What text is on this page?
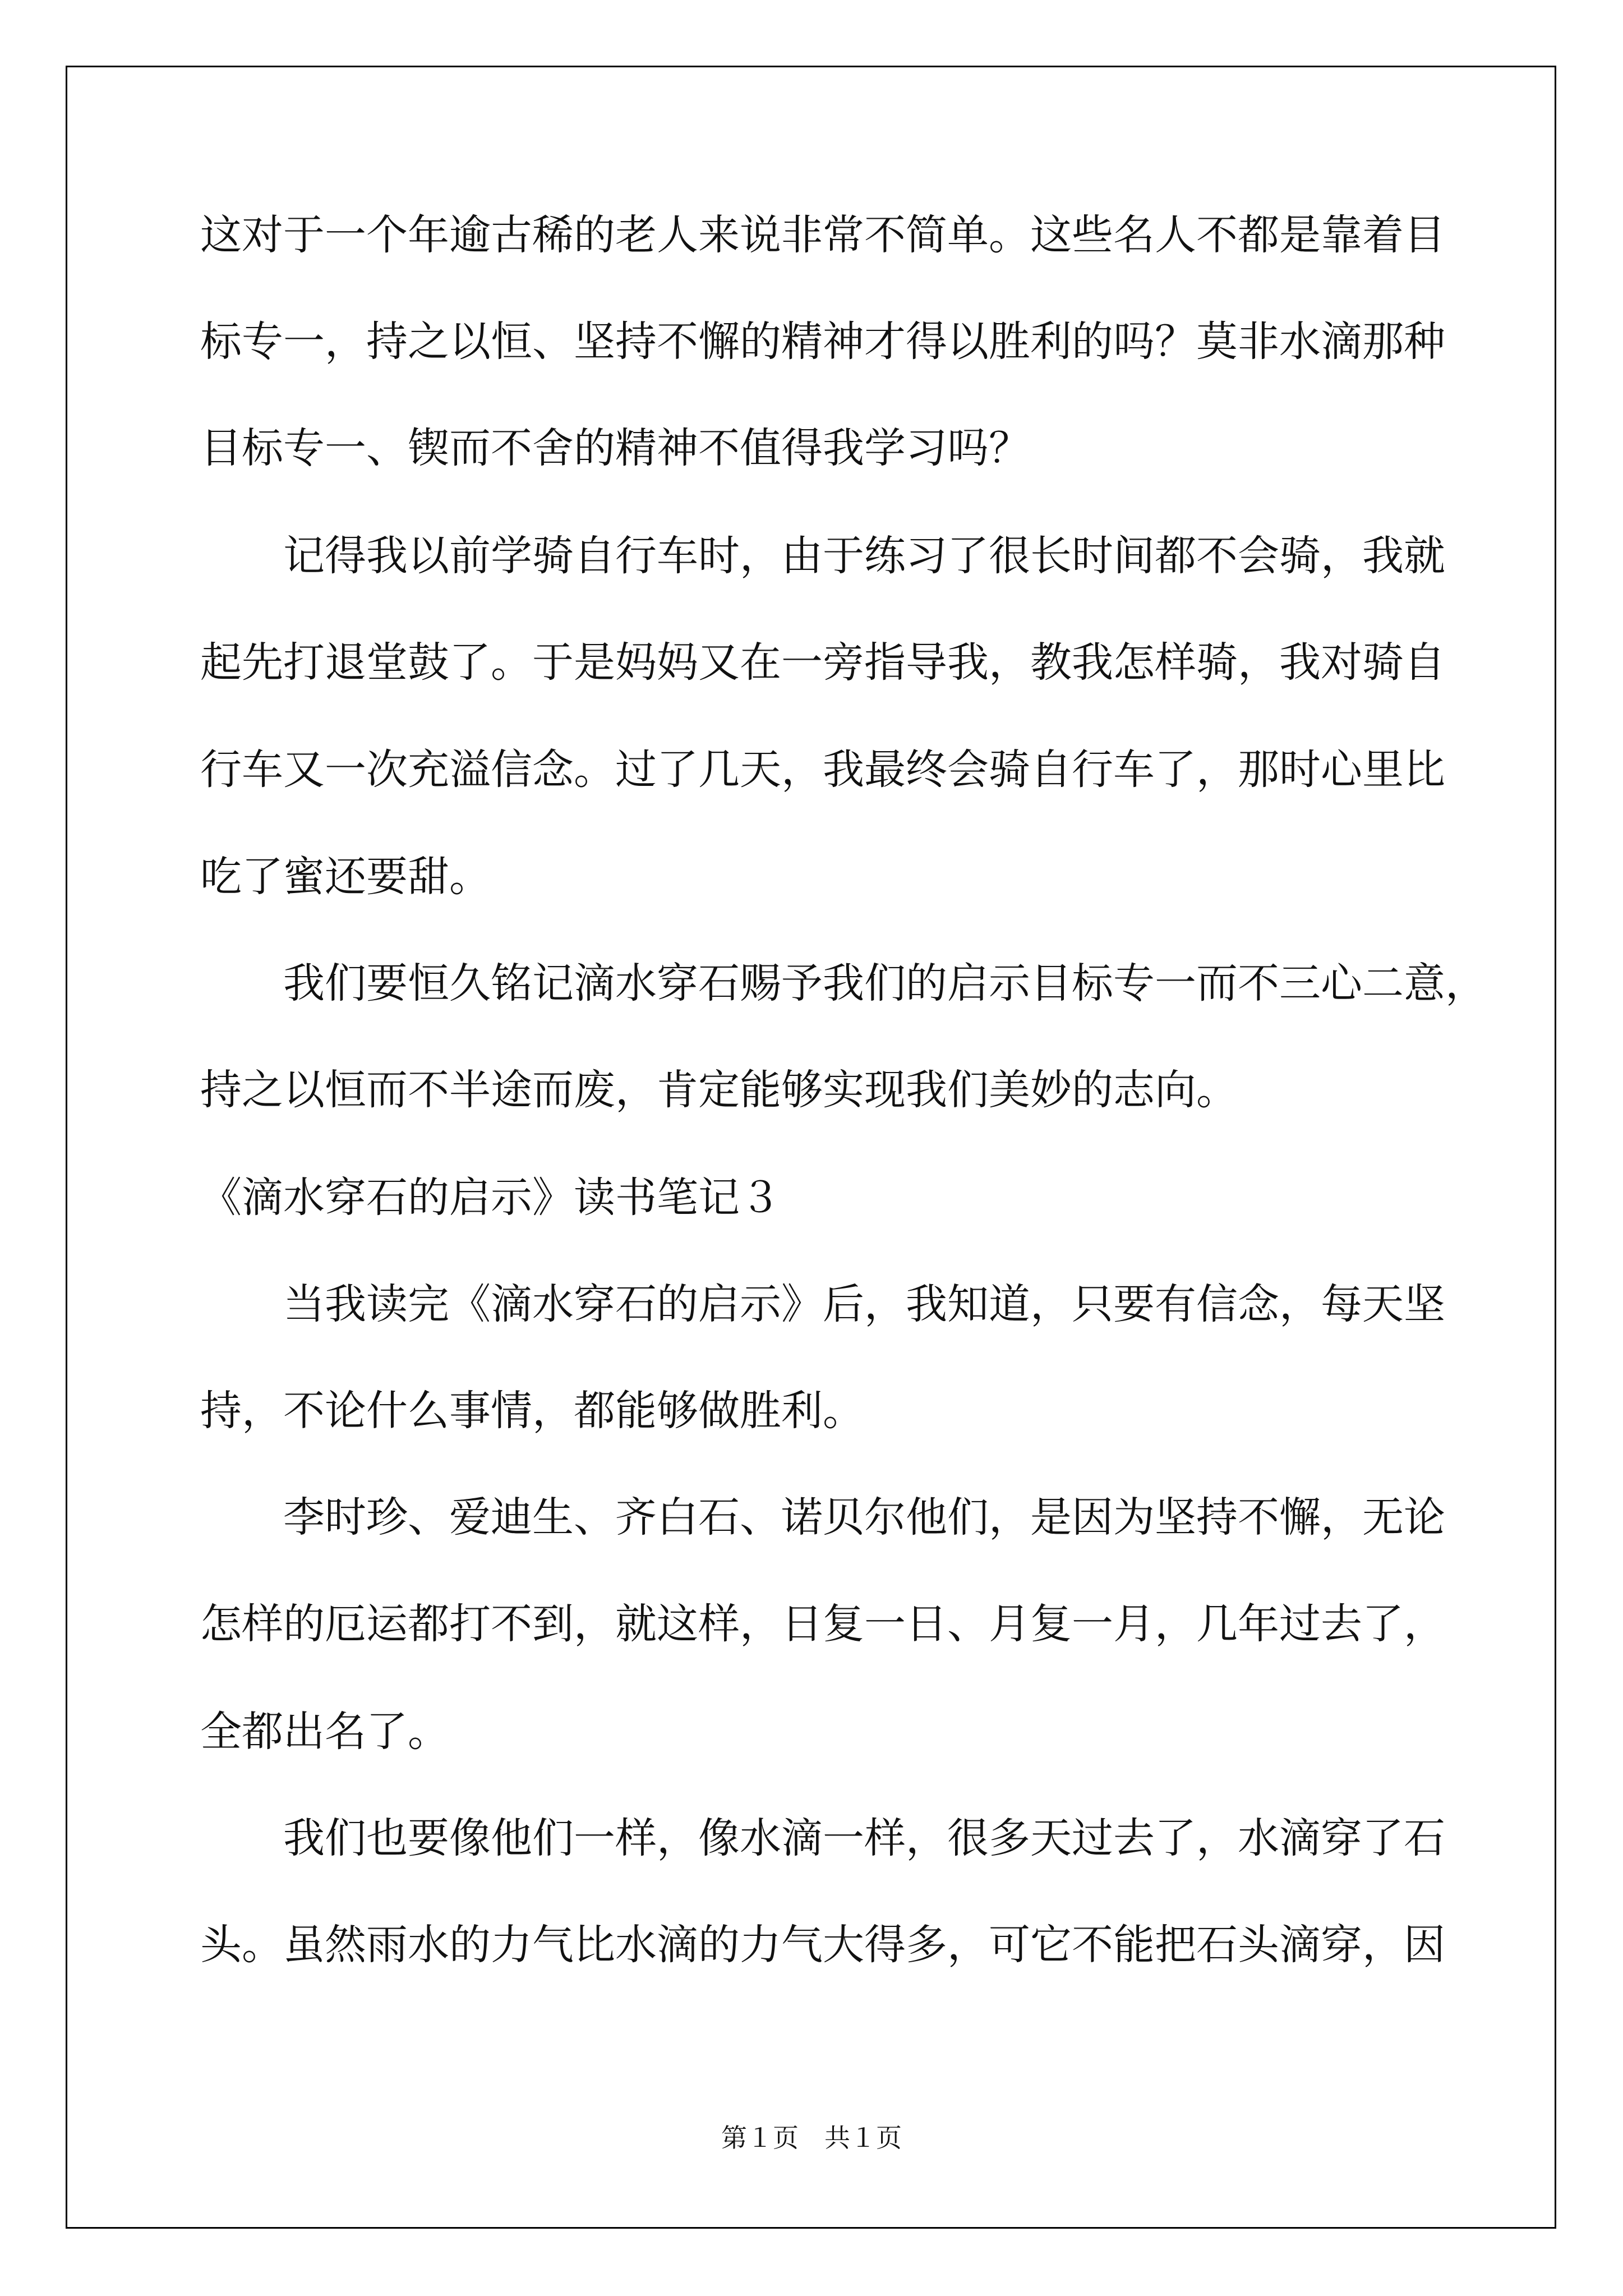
这对于一个年逾古稀的老人来说非常不简单。这些名人不都是靠着目
标专一，持之以恒、坚持不懈的精神才得以胜利的吗？莫非水滴那种
目标专一、锲而不舍的精神不值得我学习吗？
记得我以前学骑自行车时，由于练习了很长时间都不会骑，我就
起先打退堂鼓了。于是妈妈又在一旁指导我，教我怎样骑，我对骑自
行车又一次充溢信念。过了几天，我最终会骑自行车了，那时心里比
吃了蜜还要甜。
我们要恒久铭记滴水穿石赐予我们的启示目标专一而不三心二意，
持之以恒而不半途而废，肯定能够实现我们美妙的志向。
《滴水穿石的启示》读书笔记３
当我读完《滴水穿石的启示》后，我知道，只要有信念，每天坚
持，不论什么事情，都能够做胜利。
李时珍、爱迪生、齐白石、诺贝尔他们，是因为坚持不懈，无论
怎样的厄运都打不到，就这样，日复一日、月复一月，几年过去了，
全都出名了。
我们也要像他们一样，像水滴一样，很多天过去了，水滴穿了石
头。虽然雨水的力气比水滴的力气大得多，可它不能把石头滴穿，因
第１页　共１页
